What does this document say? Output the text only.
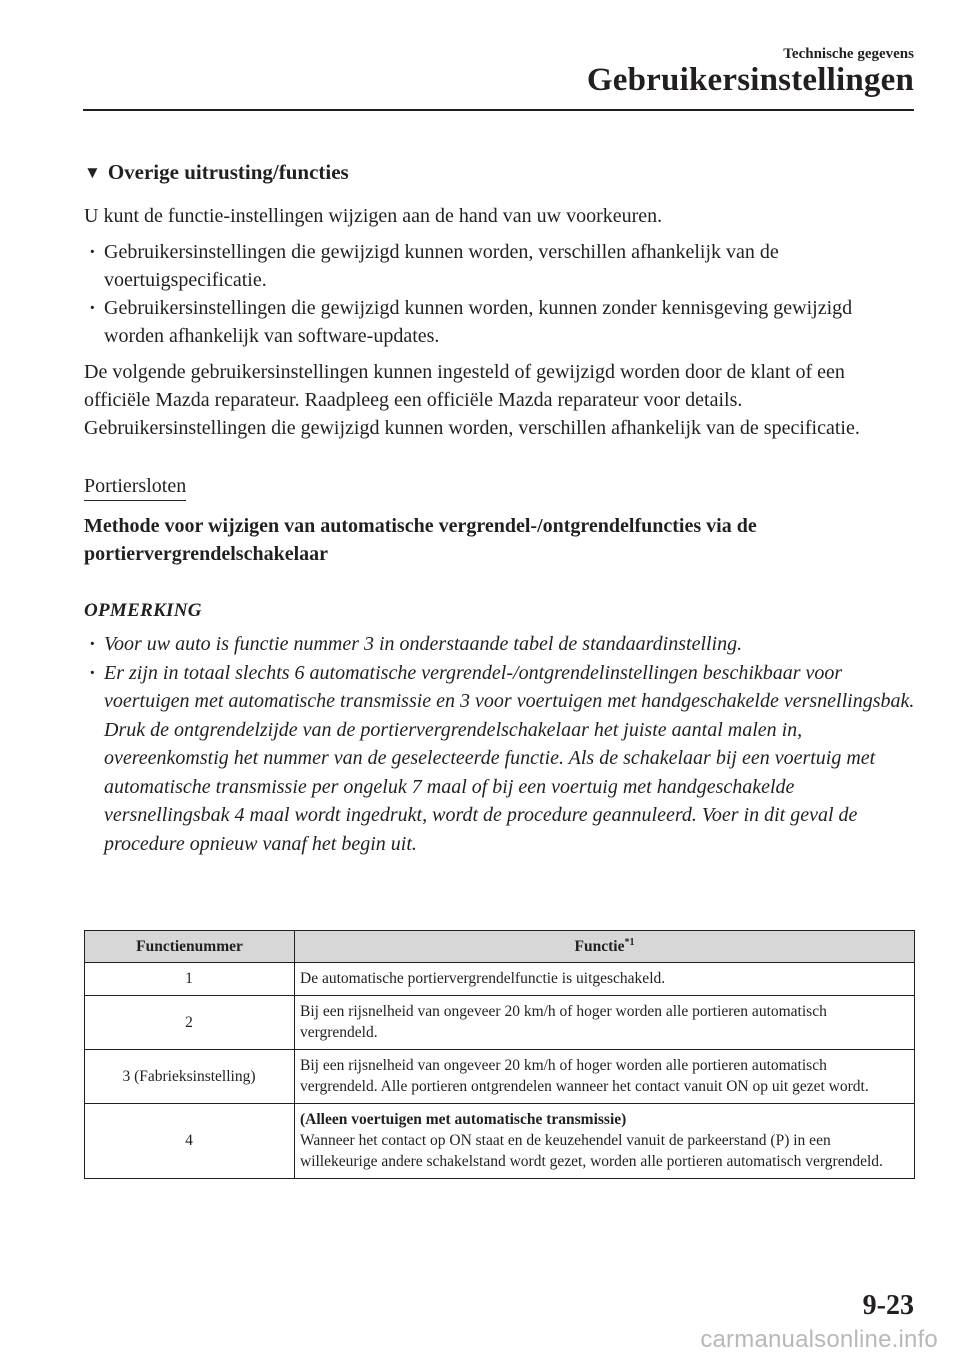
Technische gegevens
Gebruikersinstellingen
▼ Overige uitrusting/functies

U kunt de functie-instellingen wijzigen aan de hand van uw voorkeuren.

· Gebruikersinstellingen die gewijzigd kunnen worden, verschillen afhankelijk van de voertuigspecificatie.
· Gebruikersinstellingen die gewijzigd kunnen worden, kunnen zonder kennisgeving gewijzigd worden afhankelijk van software-updates.

De volgende gebruikersinstellingen kunnen ingesteld of gewijzigd worden door de klant of een officiële Mazda reparateur. Raadpleeg een officiële Mazda reparateur voor details. Gebruikersinstellingen die gewijzigd kunnen worden, verschillen afhankelijk van de specificatie.

Portiersloten
Methode voor wijzigen van automatische vergrendel-/ontgrendelfuncties via de portiervergrendelschakelaar
OPMERKING
· Voor uw auto is functie nummer 3 in onderstaande tabel de standaardinstelling.
· Er zijn in totaal slechts 6 automatische vergrendel-/ontgrendelinstellingen beschikbaar voor voertuigen met automatische transmissie en 3 voor voertuigen met handgeschakelde versnellingsbak. Druk de ontgrendelzijde van de portiervergrendelschakelaar het juiste aantal malen in, overeenkomstig het nummer van de geselecteerde functie. Als de schakelaar bij een voertuig met automatische transmissie per ongeluk 7 maal of bij een voertuig met handgeschakelde versnellingsbak 4 maal wordt ingedrukt, wordt de procedure geannuleerd. Voer in dit geval de procedure opnieuw vanaf het begin uit.
Functienummer	Functie$^{*1}$
1	De automatische portiervergrendelfunctie is uitgeschakeld.
2	Bij een rijsnelheid van ongeveer 20 km/h of hoger worden alle portieren automatisch vergrendeld.
3 (Fabrieksinstelling)	Bij een rijsnelheid van ongeveer 20 km/h of hoger worden alle portieren automatisch vergrendeld. Alle portieren ontgrendelen wanneer het contact vanuit ON op uit gezet wordt.
4	(Alleen voertuigen met automatische transmissie)
Wanneer het contact op ON staat en de keuzehendel vanuit de parkeerstand (P) in een willekeurige andere schakelstand wordt gezet, worden alle portieren automatisch vergrendeld.
9-23
carmanualsonline.info
